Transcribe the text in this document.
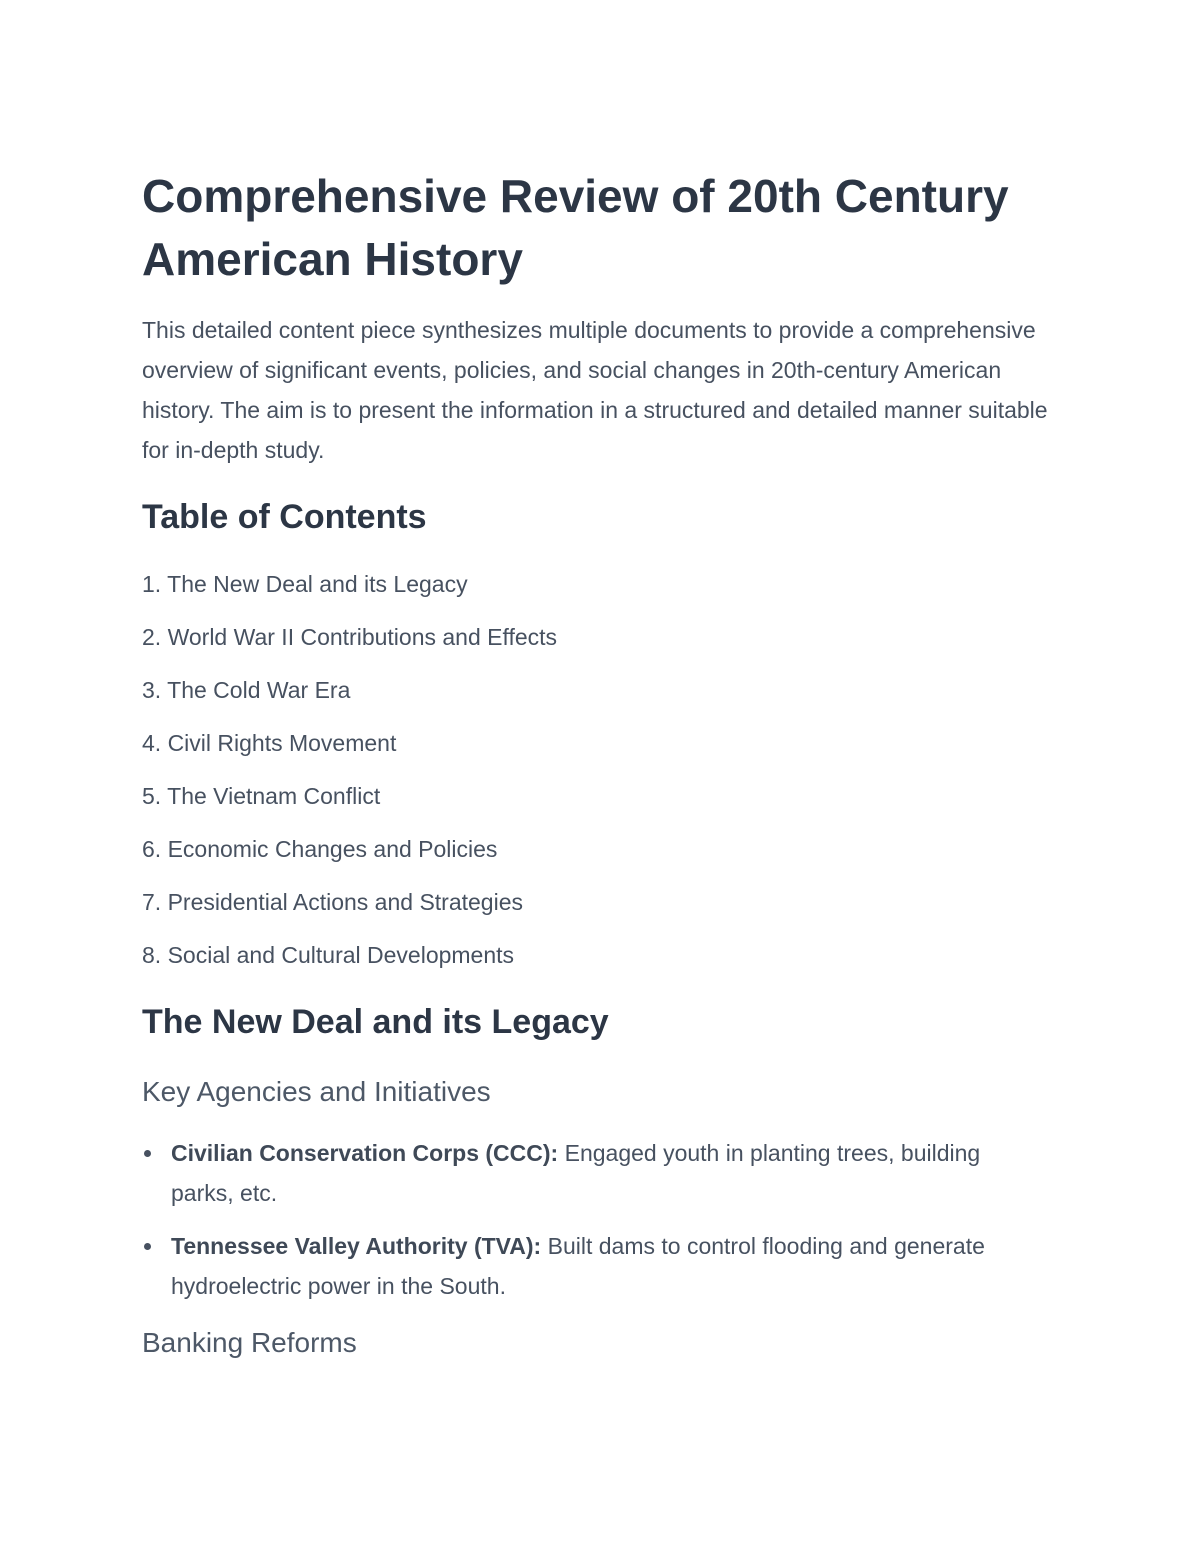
Comprehensive Review of 20th Century American History

This detailed content piece synthesizes multiple documents to provide a comprehensive overview of significant events, policies, and social changes in 20th-century American history. The aim is to present the information in a structured and detailed manner suitable for in-depth study.

Table of Contents
1. The New Deal and its Legacy
2. World War II Contributions and Effects
3. The Cold War Era
4. Civil Rights Movement
5. The Vietnam Conflict
6. Economic Changes and Policies
7. Presidential Actions and Strategies
8. Social and Cultural Developments
The New Deal and its Legacy
Key Agencies and Initiatives
Civilian Conservation Corps (CCC): Engaged youth in planting trees, building parks, etc.
Tennessee Valley Authority (TVA): Built dams to control flooding and generate hydroelectric power in the South.
Banking Reforms
